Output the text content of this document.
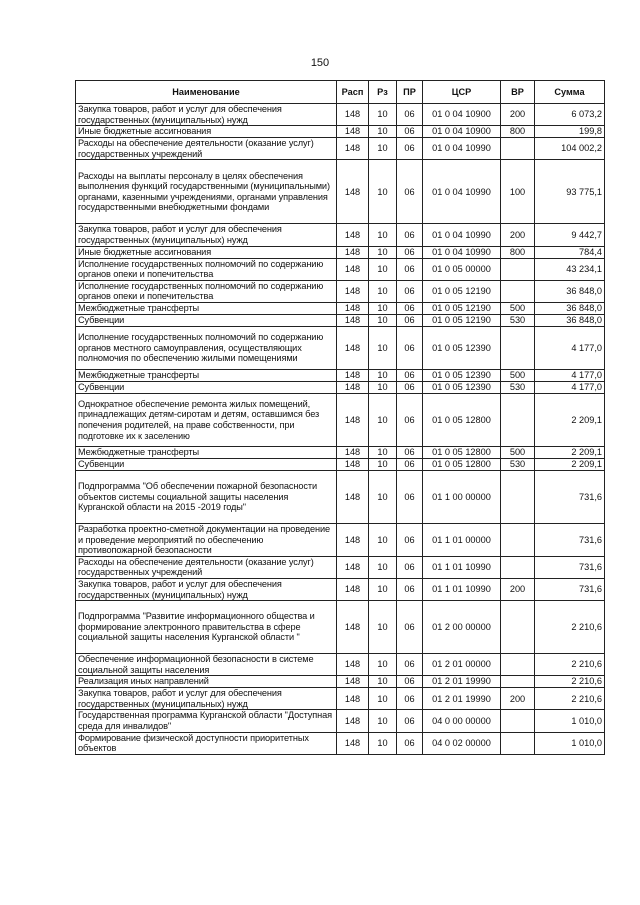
150
Наименование	Расп	Рз	ПР	ЦСР	ВР	Сумма
Закупка товаров, работ и услуг для обеспечения государственных (муниципальных) нужд	148	10	06	01 0 04 10900	200	6 073,2
Иные бюджетные ассигнования	148	10	06	01 0 04 10900	800	199,8
Расходы на обеспечение деятельности (оказание услуг) государственных учреждений	148	10	06	01 0 04 10990		104 002,2
Расходы на выплаты персоналу в целях обеспечения выполнения функций государственными (муниципальными) органами, казенными учреждениями, органами управления государственными внебюджетными фондами	148	10	06	01 0 04 10990	100	93 775,1
Закупка товаров, работ и услуг для обеспечения государственных (муниципальных) нужд	148	10	06	01 0 04 10990	200	9 442,7
Иные бюджетные ассигнования	148	10	06	01 0 04 10990	800	784,4
Исполнение государственных полномочий по содержанию органов опеки и попечительства	148	10	06	01 0 05 00000		43 234,1
Исполнение государственных полномочий по содержанию органов опеки и попечительства	148	10	06	01 0 05 12190		36 848,0
Межбюджетные трансферты	148	10	06	01 0 05 12190	500	36 848,0
Субвенции	148	10	06	01 0 05 12190	530	36 848,0
Исполнение государственных полномочий по содержанию органов местного самоуправления, осуществляющих полномочия по обеспечению жилыми помещениями	148	10	06	01 0 05 12390		4 177,0
Межбюджетные трансферты	148	10	06	01 0 05 12390	500	4 177,0
Субвенции	148	10	06	01 0 05 12390	530	4 177,0
Однократное обеспечение ремонта жилых помещений, принадлежащих детям-сиротам и детям, оставшимся без попечения родителей, на праве собственности, при подготовке их к заселению	148	10	06	01 0 05 12800		2 209,1
Межбюджетные трансферты	148	10	06	01 0 05 12800	500	2 209,1
Субвенции	148	10	06	01 0 05 12800	530	2 209,1
Подпрограмма "Об обеспечении пожарной безопасности объектов системы социальной защиты населения Курганской области на 2015 -2019 годы"	148	10	06	01 1 00 00000		731,6
Разработка проектно-сметной документации на проведение и проведение мероприятий по обеспечению противопожарной безопасности	148	10	06	01 1 01 00000		731,6
Расходы на обеспечение деятельности (оказание услуг) государственных учреждений	148	10	06	01 1 01 10990		731,6
Закупка товаров, работ и услуг для обеспечения государственных (муниципальных) нужд	148	10	06	01 1 01 10990	200	731,6
Подпрограмма "Развитие информационного общества и формирование электронного правительства в сфере социальной защиты населения Курганской области "	148	10	06	01 2 00 00000		2 210,6
Обеспечение информационной безопасности в системе социальной защиты населения	148	10	06	01 2 01 00000		2 210,6
Реализация иных направлений	148	10	06	01 2 01 19990		2 210,6
Закупка товаров, работ и услуг для обеспечения государственных (муниципальных) нужд	148	10	06	01 2 01 19990	200	2 210,6
Государственная программа Курганской области "Доступная среда для инвалидов"	148	10	06	04 0 00 00000		1 010,0
Формирование физической доступности приоритетных объектов	148	10	06	04 0 02 00000		1 010,0
